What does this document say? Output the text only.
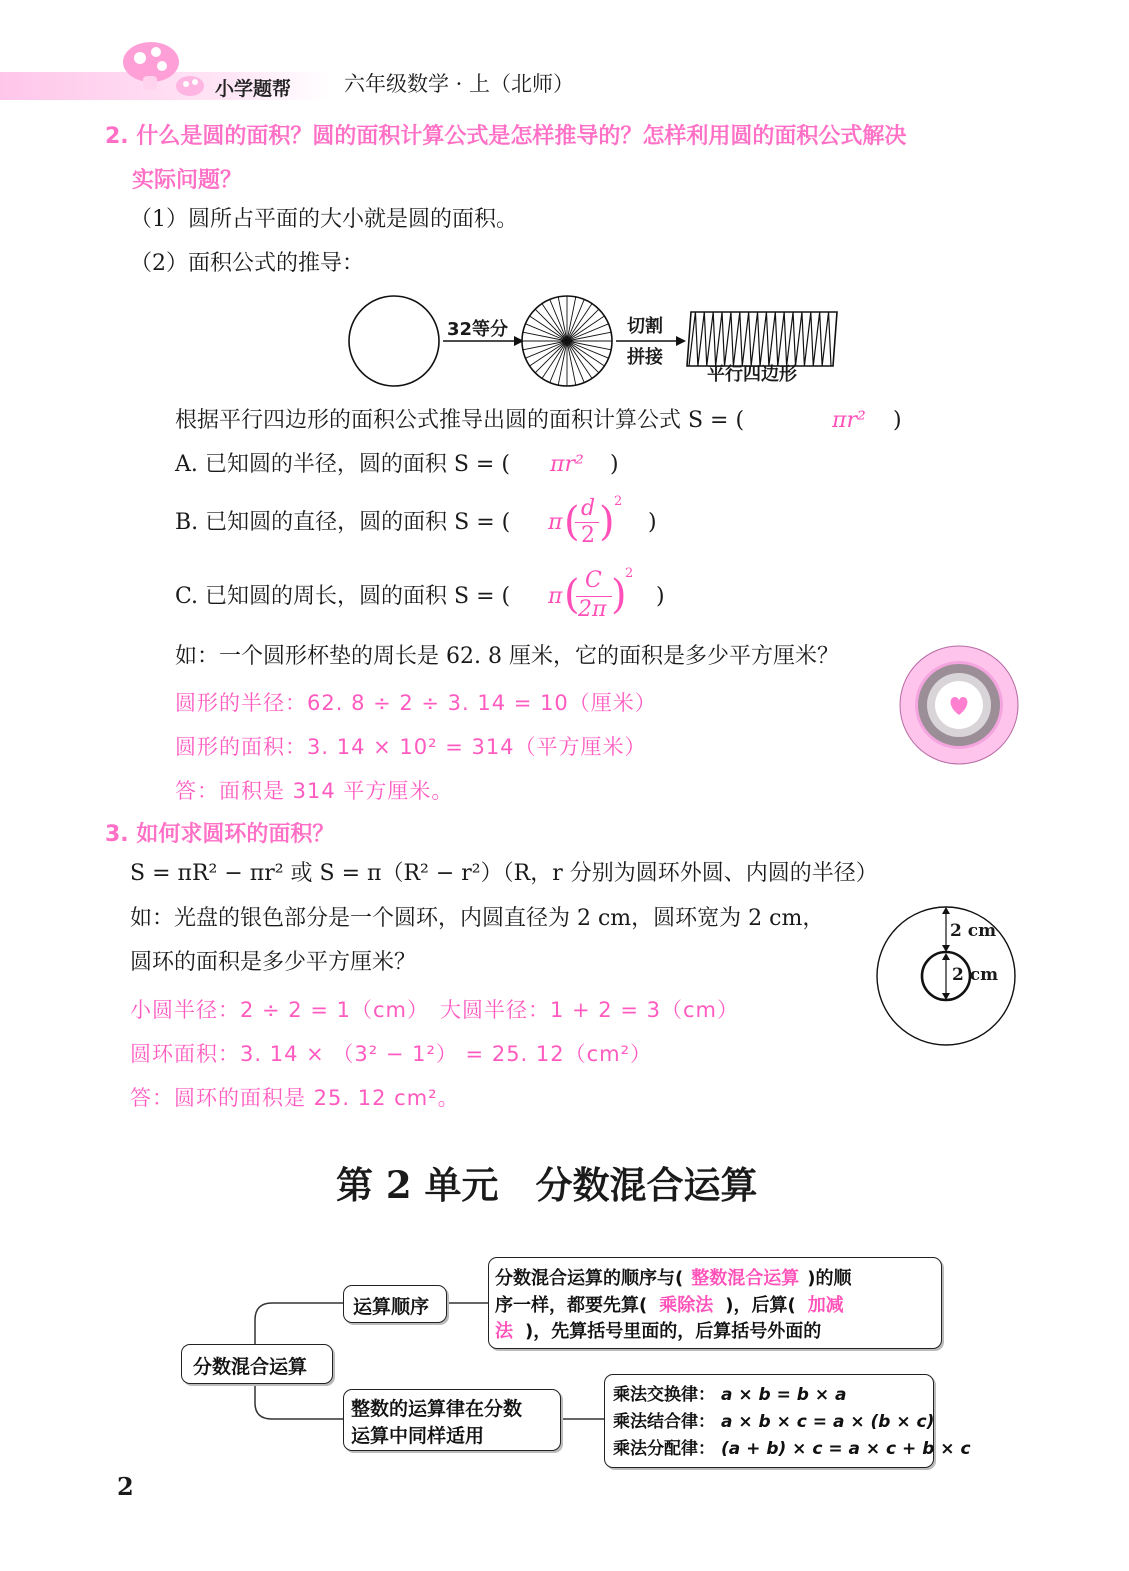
小学题帮	六年级数学 · 上（北师）
2. 什么是圆的面积？圆的面积计算公式是怎样推导的？怎样利用圆的面积公式解决
实际问题？
（1）圆所占平面的大小就是圆的面积。
（2）面积公式的推导：
32等分	切割
拼接
平行四边形
根据平行四边形的面积公式推导出圆的面积计算公式 S = (	πr² )
A. 已知圆的半径，圆的面积 S = ( πr² )
B. 已知圆的直径，圆的面积 S = ( π ( d
2 ) 2
)
C. 已知圆的周长，圆的面积 S = ( π ( C
2π )
2
)
如：一个圆形杯垫的周长是 62. 8 厘米，它的面积是多少平方厘米？
圆形的半径：62. 8 ÷ 2 ÷ 3. 14 = 10（厘米）
圆形的面积：3. 14 × 10² = 314（平方厘米）
答：面积是 314 平方厘米。
3. 如何求圆环的面积？
S = πR² − πr² 或 S = π（R² − r²）（R，r 分别为圆环外圆、内圆的半径）
如：光盘的银色部分是一个圆环，内圆直径为 2 cm，圆环宽为 2 cm，
圆环的面积是多少平方厘米？
小圆半径：2 ÷ 2 = 1（cm） 大圆半径：1 + 2 = 3（cm）
圆环面积：3. 14 × （3² − 1²） = 25. 12（cm²）
答：圆环的面积是 25. 12 cm²。
2 cm
2 cm
第 2 单元　分数混合运算
分数混合运算
运算顺序
分数混合运算的顺序与( 整数混合运算 )的顺
序一样，都要先算( 乘除法 )，后算( 加减
法 )，先算括号里面的，后算括号外面的
整数的运算律在分数
运算中同样适用
乘法交换律： a × b = b × a
乘法结合律： a × b × c = a × (b × c)
乘法分配律： (a + b) × c = a × c + b × c
2
